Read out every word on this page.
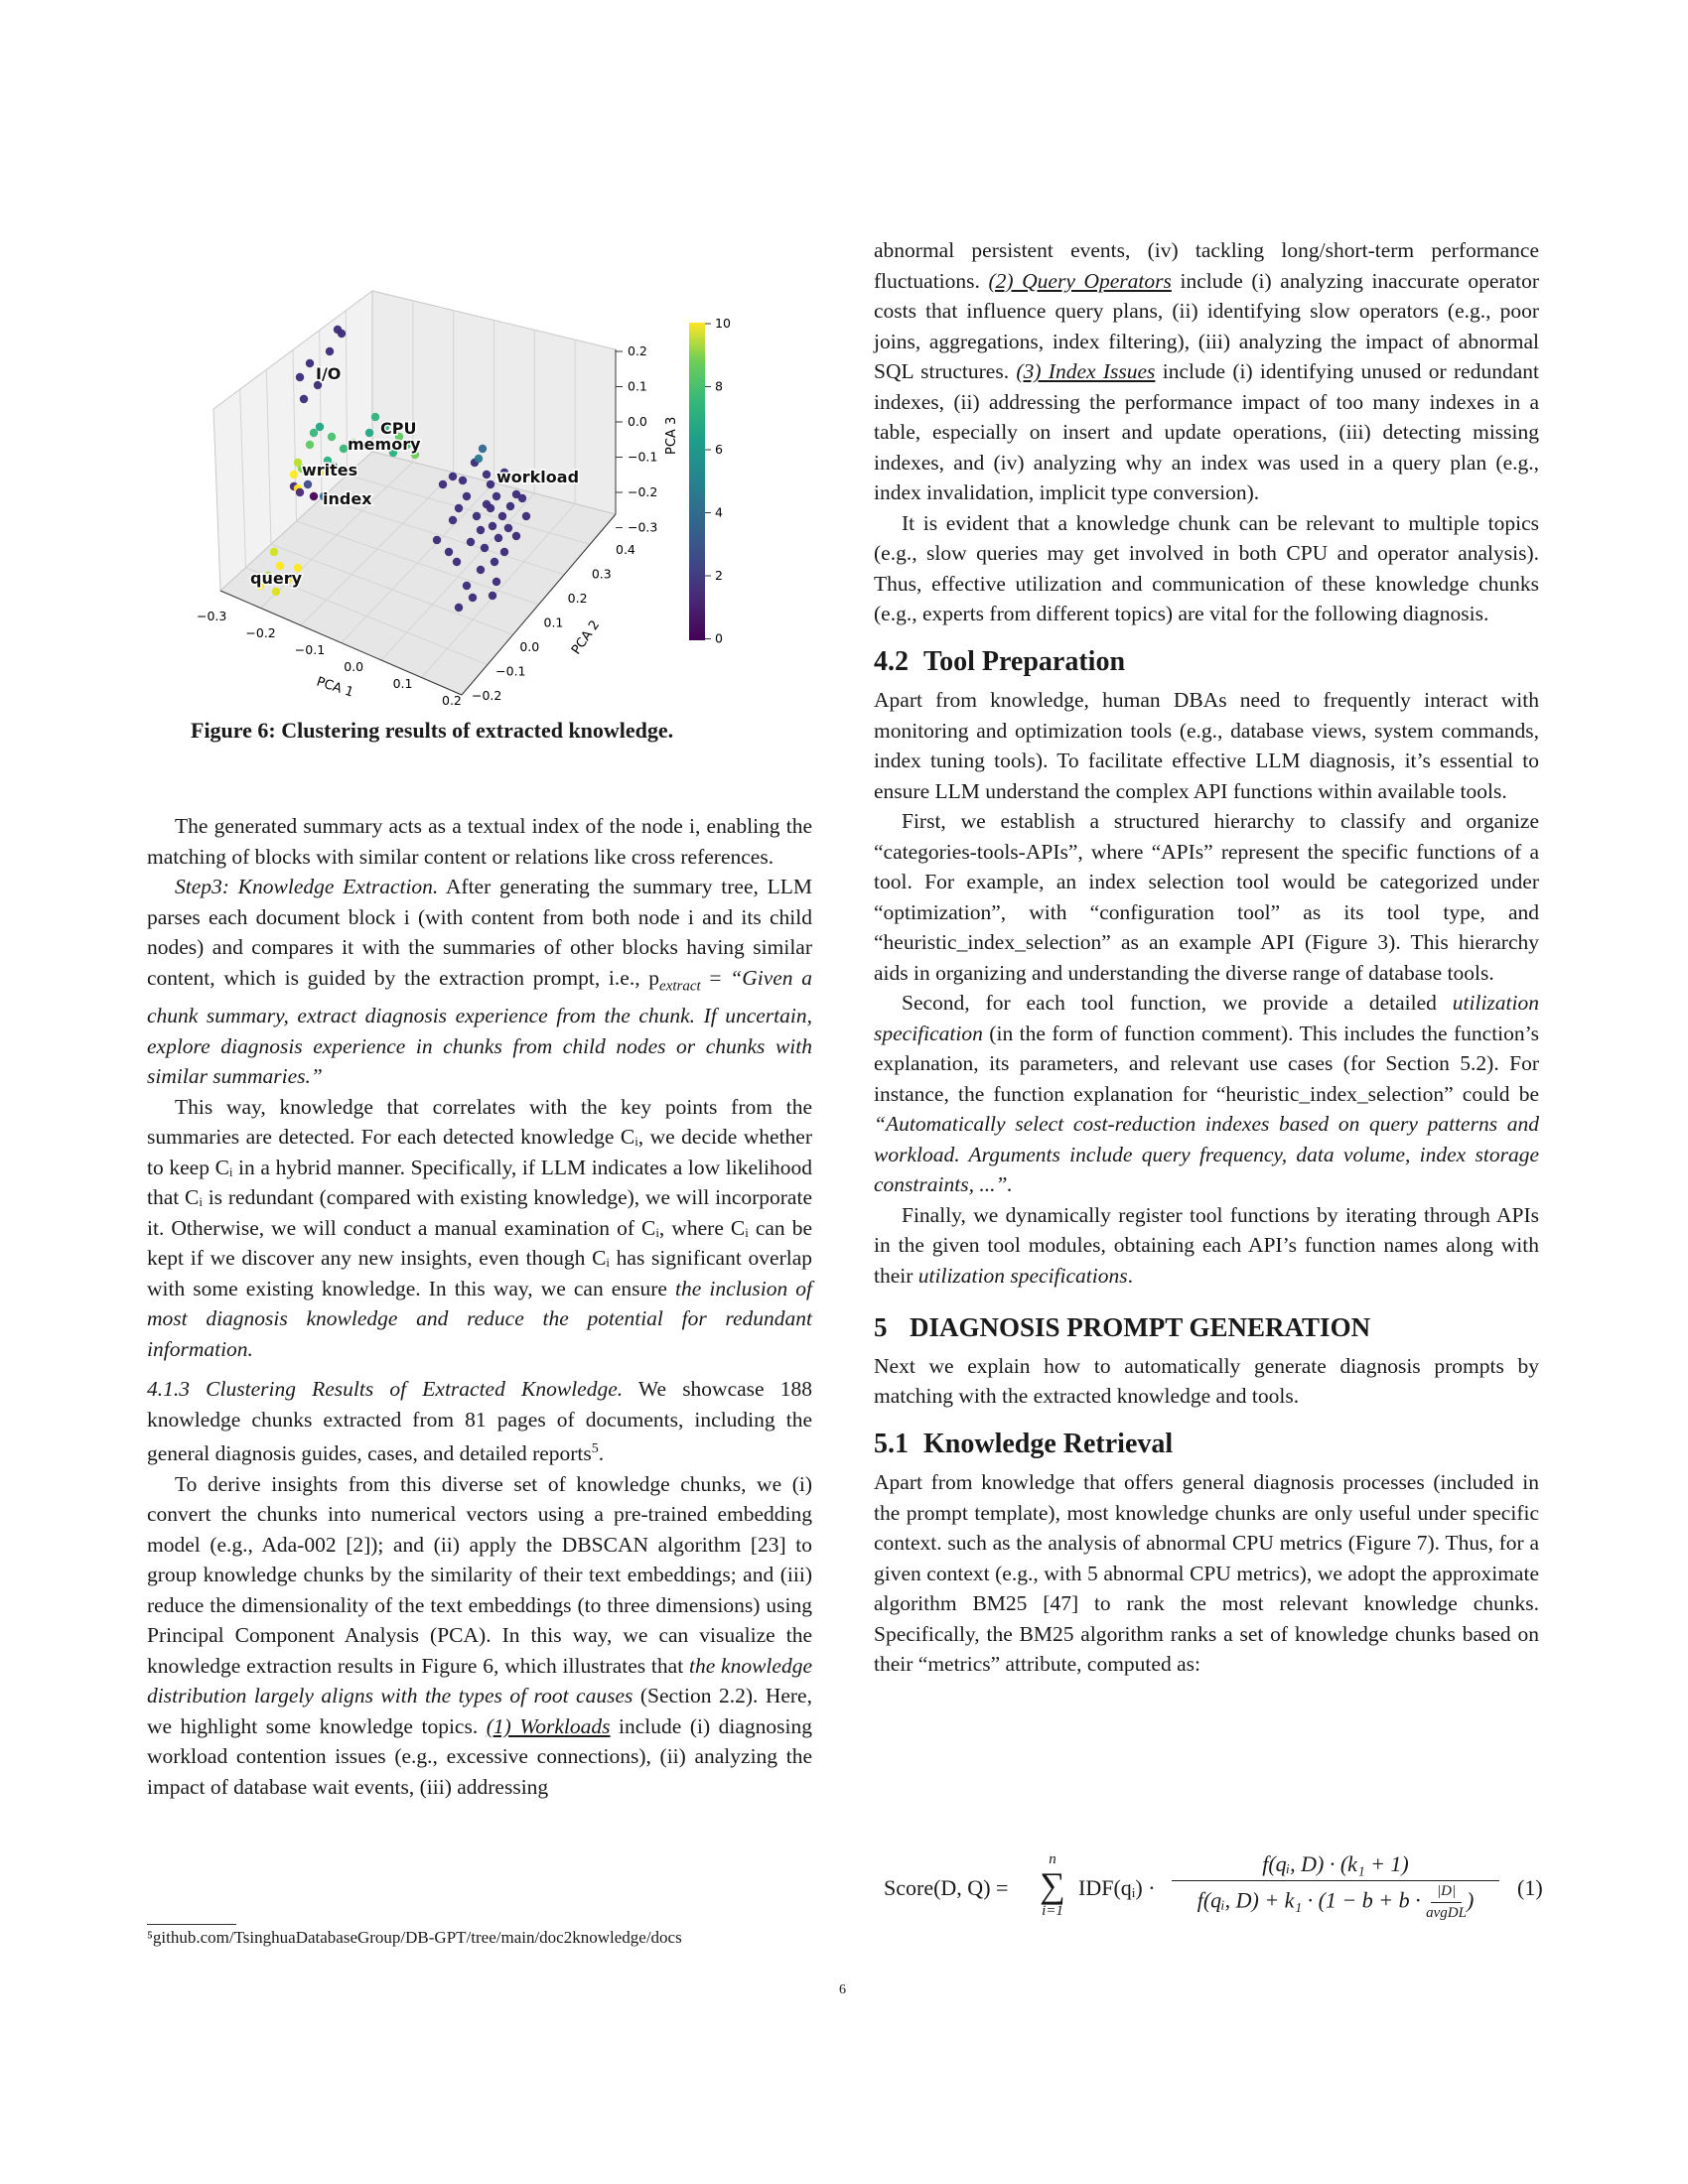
−0.3
−0.2
−0.1
0.0
0.1
0.2 −0.2
−0.1
0.0
0.1
0.2
0.3
0.4
0.2
0.1
0.0
−0.1
−0.2
−0.3
I/O
CPU
memory
writes	workload
index
query
PCA 1
PCA 2
PCA 3
10
8
6
4
2
0
Figure 6: Clustering results of extracted knowledge.

The generated summary acts as a textual index of the node i, enabling the matching of blocks with similar content or relations like cross references.

Step3: Knowledge Extraction. After generating the summary tree, LLM parses each document block i (with content from both node i and its child nodes) and compares it with the summaries of other blocks having similar content, which is guided by the extraction prompt, i.e., $p_{extract}$ = “Given a chunk summary, extract diagnosis experience from the chunk. If uncertain, explore diagnosis experience in chunks from child nodes or chunks with similar summaries.”

This way, knowledge that correlates with the key points from the summaries are detected. For each detected knowledge Cᵢ, we decide whether to keep Cᵢ in a hybrid manner. Specifically, if LLM indicates a low likelihood that Cᵢ is redundant (compared with existing knowledge), we will incorporate it. Otherwise, we will conduct a manual examination of Cᵢ, where Cᵢ can be kept if we discover any new insights, even though Cᵢ has significant overlap with some existing knowledge. In this way, we can ensure the inclusion of most diagnosis knowledge and reduce the potential for redundant information.

4.1.3 Clustering Results of Extracted Knowledge. We showcase 188 knowledge chunks extracted from 81 pages of documents, including the general diagnosis guides, cases, and detailed reports$^5$.

To derive insights from this diverse set of knowledge chunks, we (i) convert the chunks into numerical vectors using a pre-trained embedding model (e.g., Ada-002 [2]); and (ii) apply the DBSCAN algorithm [23] to group knowledge chunks by the similarity of their text embeddings; and (iii) reduce the dimensionality of the text embeddings (to three dimensions) using Principal Component Analysis (PCA). In this way, we can visualize the knowledge extraction results in Figure 6, which illustrates that the knowledge distribution largely aligns with the types of root causes (Section 2.2). Here, we highlight some knowledge topics. (1) Workloads include (i) diagnosing workload contention issues (e.g., excessive connections), (ii) analyzing the impact of database wait events, (iii) addressing

⁵github.com/TsinghuaDatabaseGroup/DB-GPT/tree/main/doc2knowledge/docs

abnormal persistent events, (iv) tackling long/short-term performance fluctuations. (2) Query Operators include (i) analyzing inaccurate operator costs that influence query plans, (ii) identifying slow operators (e.g., poor joins, aggregations, index filtering), (iii) analyzing the impact of abnormal SQL structures. (3) Index Issues include (i) identifying unused or redundant indexes, (ii) addressing the performance impact of too many indexes in a table, especially on insert and update operations, (iii) detecting missing indexes, and (iv) analyzing why an index was used in a query plan (e.g., index invalidation, implicit type conversion).

It is evident that a knowledge chunk can be relevant to multiple topics (e.g., slow queries may get involved in both CPU and operator analysis). Thus, effective utilization and communication of these knowledge chunks (e.g., experts from different topics) are vital for the following diagnosis.

4.2 Tool Preparation

Apart from knowledge, human DBAs need to frequently interact with monitoring and optimization tools (e.g., database views, system commands, index tuning tools). To facilitate effective LLM diagnosis, it’s essential to ensure LLM understand the complex API functions within available tools.

First, we establish a structured hierarchy to classify and organize “categories-tools-APIs”, where “APIs” represent the specific functions of a tool. For example, an index selection tool would be categorized under “optimization”, with “configuration tool” as its tool type, and “heuristic_index_selection” as an example API (Figure 3). This hierarchy aids in organizing and understanding the diverse range of database tools.

Second, for each tool function, we provide a detailed utilization specification (in the form of function comment). This includes the function’s explanation, its parameters, and relevant use cases (for Section 5.2). For instance, the function explanation for “heuristic_index_selection” could be “Automatically select cost-reduction indexes based on query patterns and workload. Arguments include query frequency, data volume, index storage constraints, ...”.

Finally, we dynamically register tool functions by iterating through APIs in the given tool modules, obtaining each API’s function names along with their utilization specifications.

5 DIAGNOSIS PROMPT GENERATION

Next we explain how to automatically generate diagnosis prompts by matching with the extracted knowledge and tools.

5.1 Knowledge Retrieval

Apart from knowledge that offers general diagnosis processes (included in the prompt template), most knowledge chunks are only useful under specific context. such as the analysis of abnormal CPU metrics (Figure 7). Thus, for a given context (e.g., with 5 abnormal CPU metrics), we adopt the approximate algorithm BM25 [47] to rank the most relevant knowledge chunks. Specifically, the BM25 algorithm ranks a set of knowledge chunks based on their “metrics” attribute, computed as:

Score(D, Q) =
n
∑
i=1
IDF(qᵢ) ·
f(qᵢ, D) · (k₁ + 1)
f(qᵢ, $D) + k_1 \cdot (1 - b + b \cdot \frac{|D|}{\text{avgDL}}$ )
(1)
6
